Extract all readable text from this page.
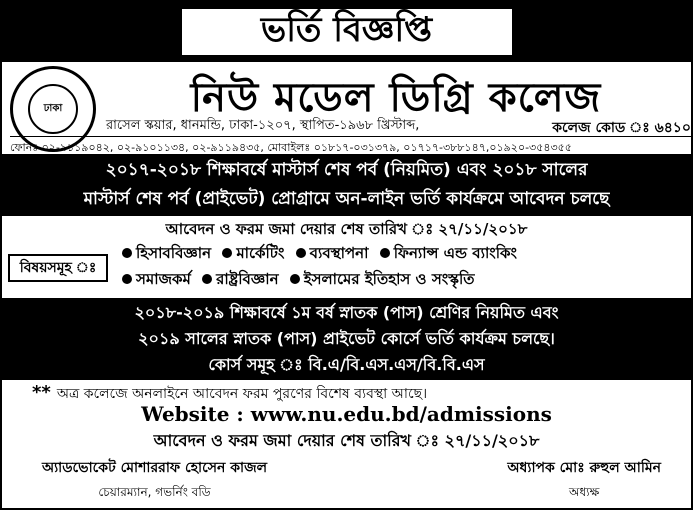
ভর্তি বিজ্ঞপ্তি
ঢাকা	নিউ মডেল ডিগ্রি কলেজ
রাসেল স্কয়ার, ধানমন্ডি, ঢাকা-১২০৭, স্থাপিত-১৯৬৮ খ্রিস্টাব্দ,	কলেজ কোড ঃ ৬৪১০
ফোনঃ ০২-৯১১৯০৪২, ০২-৯১০১১৩৪, ০২-৯১১৯৪৩৫, মোবাইলঃ ০১৮১৭-০৩১৩৭৯, ০১৭১৭-৩৮৮১৪৭,০১৯২০-৩৫৪৩৫৫
২০১৭-২০১৮ শিক্ষাবর্ষে মাস্টার্স শেষ পর্ব (নিয়মিত) এবং ২০১৮ সালের
মাস্টার্স শেষ পর্ব (প্রাইভেট) প্রোগ্রামে অন-লাইন ভর্তি কার্যক্রমে আবেদন চলছে
আবেদন ও ফরম জমা দেয়ার শেষ তারিখ ঃ ২৭/১১/২০১৮
বিষয়সমূহ ঃ
হিসাববিজ্ঞান মার্কেটিং ব্যবস্থাপনা ফিন্যান্স এন্ড ব্যাংকিং
সমাজকর্ম রাষ্ট্রবিজ্ঞান ইসলামের ইতিহাস ও সংস্কৃতি
২০১৮-২০১৯ শিক্ষাবর্ষে ১ম বর্ষ স্নাতক (পাস) শ্রেণির নিয়মিত এবং
২০১৯ সালের স্নাতক (পাস) প্রাইভেট কোর্সে ভর্তি কার্যক্রম চলছে।
কোর্স সমূহ ঃ বি.এ/বি.এস.এস/বি.বি.এস
** অত্র কলেজে অনলাইনে আবেদন ফরম পুরণের বিশেষ ব্যবস্থা আছে।
Website : www.nu.edu.bd/admissions
আবেদন ও ফরম জমা দেয়ার শেষ তারিখ ঃ ২৭/১১/২০১৮
অ্যাডভোকেট মোশাররাফ হোসেন কাজল
চেয়ারম্যান, গভর্নিং বডি
অধ্যাপক মোঃ রুহুল আমিন
অধ্যক্ষ
